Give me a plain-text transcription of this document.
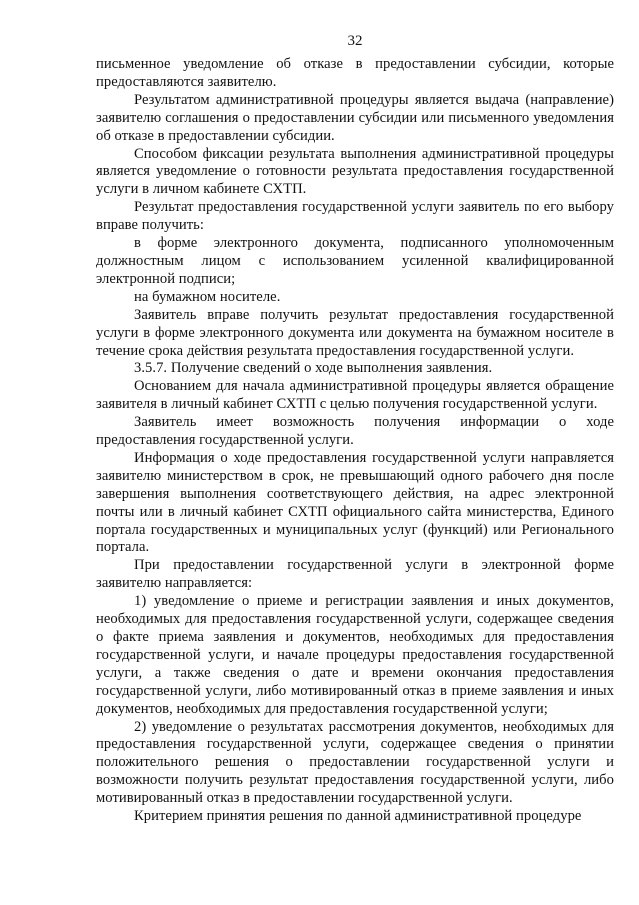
32

письменное уведомление об отказе в предоставлении субсидии, которые предоставляются заявителю.

Результатом административной процедуры является выдача (направление) заявителю соглашения о предоставлении субсидии или письменного уведомления об отказе в предоставлении субсидии.

Способом фиксации результата выполнения административной процедуры является уведомление о готовности результата предоставления государственной услуги в личном кабинете СХТП.

Результат предоставления государственной услуги заявитель по его выбору вправе получить:

в форме электронного документа, подписанного уполномоченным должностным лицом с использованием усиленной квалифицированной электронной подписи;

на бумажном носителе.

Заявитель вправе получить результат предоставления государственной услуги в форме электронного документа или документа на бумажном носителе в течение срока действия результата предоставления государственной услуги.

3.5.7. Получение сведений о ходе выполнения заявления.

Основанием для начала административной процедуры является обращение заявителя в личный кабинет СХТП с целью получения государственной услуги.

Заявитель имеет возможность получения информации о ходе предоставления государственной услуги.

Информация о ходе предоставления государственной услуги направляется заявителю министерством в срок, не превышающий одного рабочего дня после завершения выполнения соответствующего действия, на адрес электронной почты или в личный кабинет СХТП официального сайта министерства, Единого портала государственных и муниципальных услуг (функций) или Регионального портала.

При предоставлении государственной услуги в электронной форме заявителю направляется:

1) уведомление о приеме и регистрации заявления и иных документов, необходимых для предоставления государственной услуги, содержащее сведения о факте приема заявления и документов, необходимых для предоставления государственной услуги, и начале процедуры предоставления государственной услуги, а также сведения о дате и времени окончания предоставления государственной услуги, либо мотивированный отказ в приеме заявления и иных документов, необходимых для предоставления государственной услуги;

2) уведомление о результатах рассмотрения документов, необходимых для предоставления государственной услуги, содержащее сведения о принятии положительного решения о предоставлении государственной услуги и возможности получить результат предоставления государственной услуги, либо мотивированный отказ в предоставлении государственной услуги.

Критерием принятия решения по данной административной процедуре
